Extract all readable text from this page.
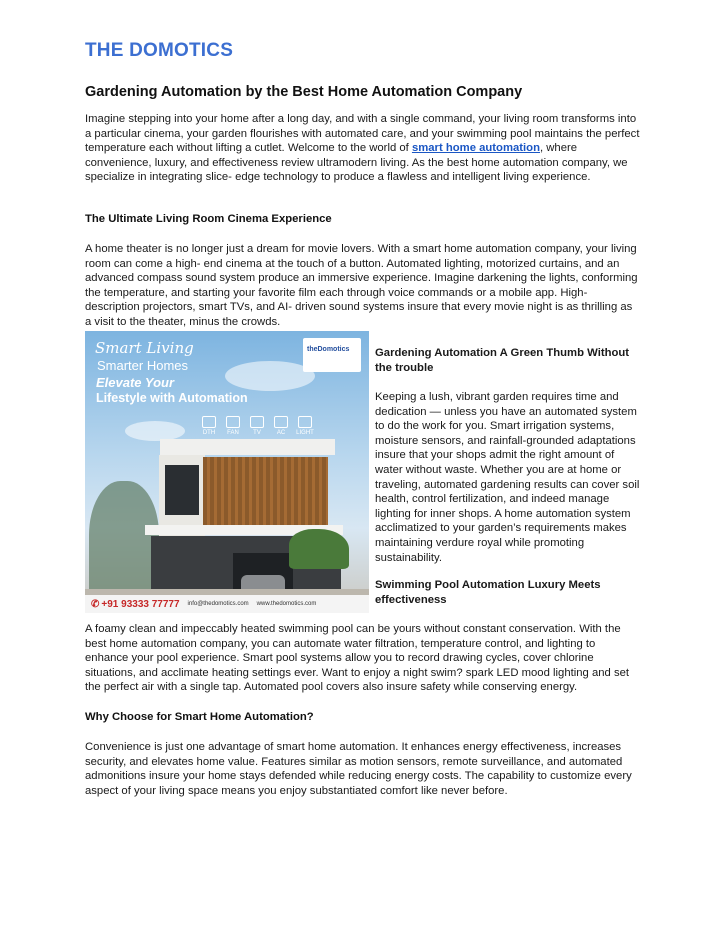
THE DOMOTICS
Gardening Automation by the Best Home Automation Company

Imagine stepping into your home after a long day, and with a single command, your living room transforms into a particular cinema, your garden flourishes with automated care, and your swimming pool maintains the perfect temperature each without lifting a cutlet. Welcome to the world of smart home automation, where convenience, luxury, and effectiveness review ultramodern living. As the best home automation company, we specialize in integrating slice- edge technology to produce a flawless and intelligent living experience.

The Ultimate Living Room Cinema Experience

A home theater is no longer just a dream for movie lovers. With a smart home automation company, your living room can come a high- end cinema at the touch of a button. Automated lighting, motorized curtains, and an advanced compass sound system produce an immersive experience. Imagine darkening the lights, conforming the temperature, and starting your favorite film each through voice commands or a mobile app. High- description projectors, smart TVs, and AI- driven sound systems insure that every movie night is as thrilling as a visit to the theater, minus the crowds.

Smart Living
Smarter Homes
Elevate Your
Lifestyle with Automation
theDomotics
DTH	FAN	TV	AC	LIGHT
✆ +91 93333 77777 info@thedomotics.com www.thedomotics.com
Gardening Automation A Green Thumb Without the trouble

Keeping a lush, vibrant garden requires time and dedication — unless you have an automated system to do the work for you. Smart irrigation systems, moisture sensors, and rainfall-grounded adaptations insure that your shops admit the right amount of water without waste. Whether you are at home or traveling, automated gardening results can cover soil health, control fertilization, and indeed manage lighting for inner shops. A home automation system acclimatized to your garden’s requirements makes maintaining verdure royal while promoting sustainability.

Swimming Pool Automation Luxury Meets effectiveness

A foamy clean and impeccably heated swimming pool can be yours without constant conservation. With the best home automation company, you can automate water filtration, temperature control, and lighting to enhance your pool experience. Smart pool systems allow you to record drawing cycles, cover chlorine situations, and acclimate heating settings ever. Want to enjoy a night swim? spark LED mood lighting and set the perfect air with a single tap. Automated pool covers also insure safety while conserving energy.

Why Choose for Smart Home Automation?

Convenience is just one advantage of smart home automation. It enhances energy effectiveness, increases security, and elevates home value. Features similar as motion sensors, remote surveillance, and automated admonitions insure your home stays defended while reducing energy costs. The capability to customize every aspect of your living space means you enjoy substantiated comfort like never before.
